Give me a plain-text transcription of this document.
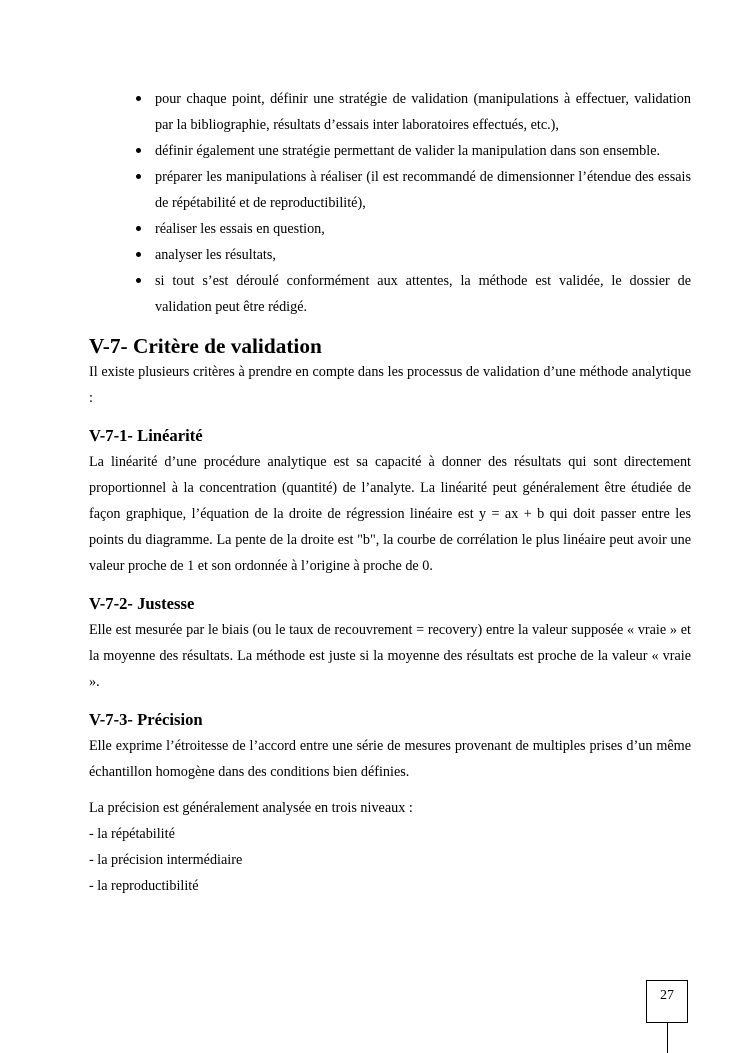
pour chaque point, définir une stratégie de validation (manipulations à effectuer, validation par la bibliographie, résultats d’essais inter laboratoires effectués, etc.),
définir également une stratégie permettant de valider la manipulation dans son ensemble.
préparer les manipulations à réaliser (il est recommandé de dimensionner l’étendue des essais de répétabilité et de reproductibilité),
réaliser les essais en question,
analyser les résultats,
si tout s’est déroulé conformément aux attentes, la méthode est validée, le dossier de validation peut être rédigé.
V-7- Critère de validation

Il existe plusieurs critères à prendre en compte dans les processus de validation d’une méthode analytique :

V-7-1- Linéarité

La linéarité d’une procédure analytique est sa capacité à donner des résultats qui sont directement proportionnel à la concentration (quantité) de l’analyte. La linéarité peut généralement être étudiée de façon graphique, l’équation de la droite de régression linéaire est y = ax + b qui doit passer entre les points du diagramme. La pente de la droite est "b", la courbe de corrélation le plus linéaire peut avoir une valeur proche de 1 et son ordonnée à l’origine à proche de 0.

V-7-2- Justesse

Elle est mesurée par le biais (ou le taux de recouvrement = recovery) entre la valeur supposée « vraie » et la moyenne des résultats. La méthode est juste si la moyenne des résultats est proche de la valeur « vraie ».

V-7-3- Précision

Elle exprime l’étroitesse de l’accord entre une série de mesures provenant de multiples prises d’un même échantillon homogène dans des conditions bien définies.

La précision est généralement analysée en trois niveaux :

- la répétabilité
- la précision intermédiaire
- la reproductibilité
27
